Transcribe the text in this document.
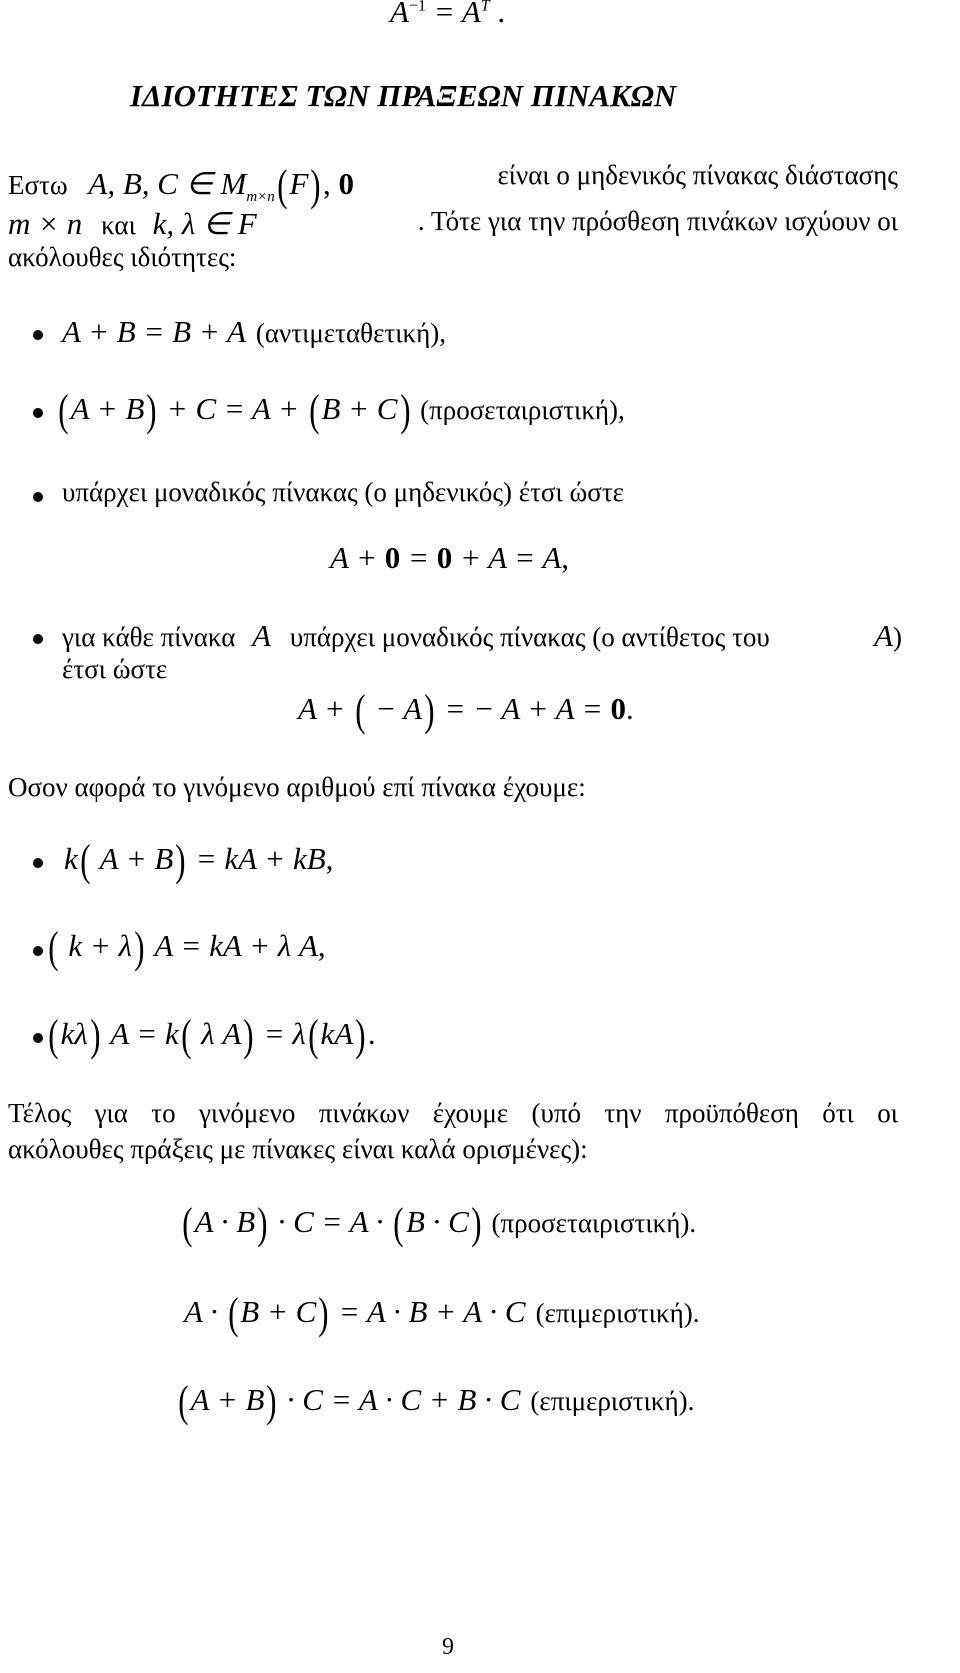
$A^{-1} = A^T$ .
ΙΔΙΟΤΗΤΕΣ ΤΩΝ ΠΡΑΞΕΩΝ ΠΙΝΑΚΩΝ
Εστω A, B, C ∈ $M_{m\times n}(F)$, 0	είναι ο μηδενικός πίνακας διάστασης
m × n και k, λ ∈ F	. Τότε για την πρόσθεση πινάκων ισχύουν οι
ακόλουθες ιδιότητες:
A + B = B + A (αντιμεταθετική),
(A + B) + C = A + (B + C) (προσεταιριστική),
υπάρχει μοναδικός πίνακας (ο μηδενικός) έτσι ώστε
A + 0 = 0 + A = A,
για κάθε πίνακα A υπάρχει μοναδικός πίνακας (ο αντίθετος του	A)
έτσι ώστε
A + ( − A) = − A + A = 0.
Οσον αφορά το γινόμενο αριθμού επί πίνακα έχουμε:
k( A + B) = kA + kB,
( k + λ) A = kA + λ A,
(kλ) A = k( λ A) = λ(kA).
Τέλος για το γινόμενο πινάκων έχουμε (υπό την προϋπόθεση ότι οι
ακόλουθες πράξεις με πίνακες είναι καλά ορισμένες):
(A · B) · C = A · (B · C) (προσεταιριστική).
A · (B + C) = A · B + A · C (επιμεριστική).
(A + B) · C = A · C + B · C (επιμεριστική).
9
